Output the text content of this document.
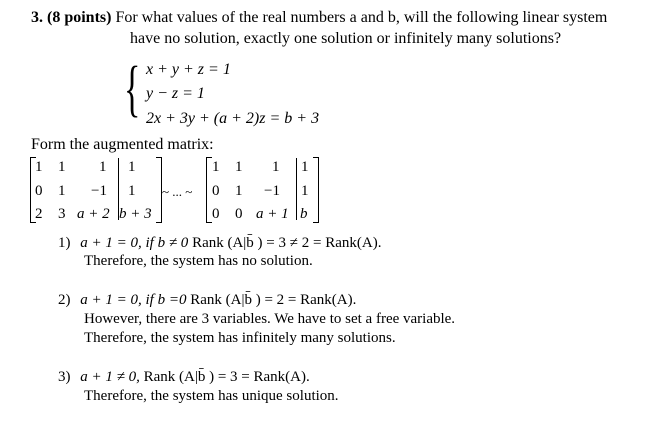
3. (8 points) For what values of the real numbers a and b, will the following linear system
have no solution, exactly one solution or infinitely many solutions?
{ x + y + z = 1
y − z = 1
2x + 3y + (a + 2)z = b + 3
Form the augmented matrix:
1 1 1 1
0 1 −1 1
2 3 a + 2 b + 3
~ ... ~
1 1 1 1
0 1 −1 1
0 0 a + 1 b
1) a + 1 = 0, if b ≠ 0 Rank (A|b̄ ) = 3 ≠ 2 = Rank(A).
Therefore, the system has no solution.
2) a + 1 = 0, if b =0 Rank (A|b̄ ) = 2 = Rank(A).
However, there are 3 variables. We have to set a free variable.
Therefore, the system has infinitely many solutions.
3) a + 1 ≠ 0, Rank (A|b̄ ) = 3 = Rank(A).
Therefore, the system has unique solution.
